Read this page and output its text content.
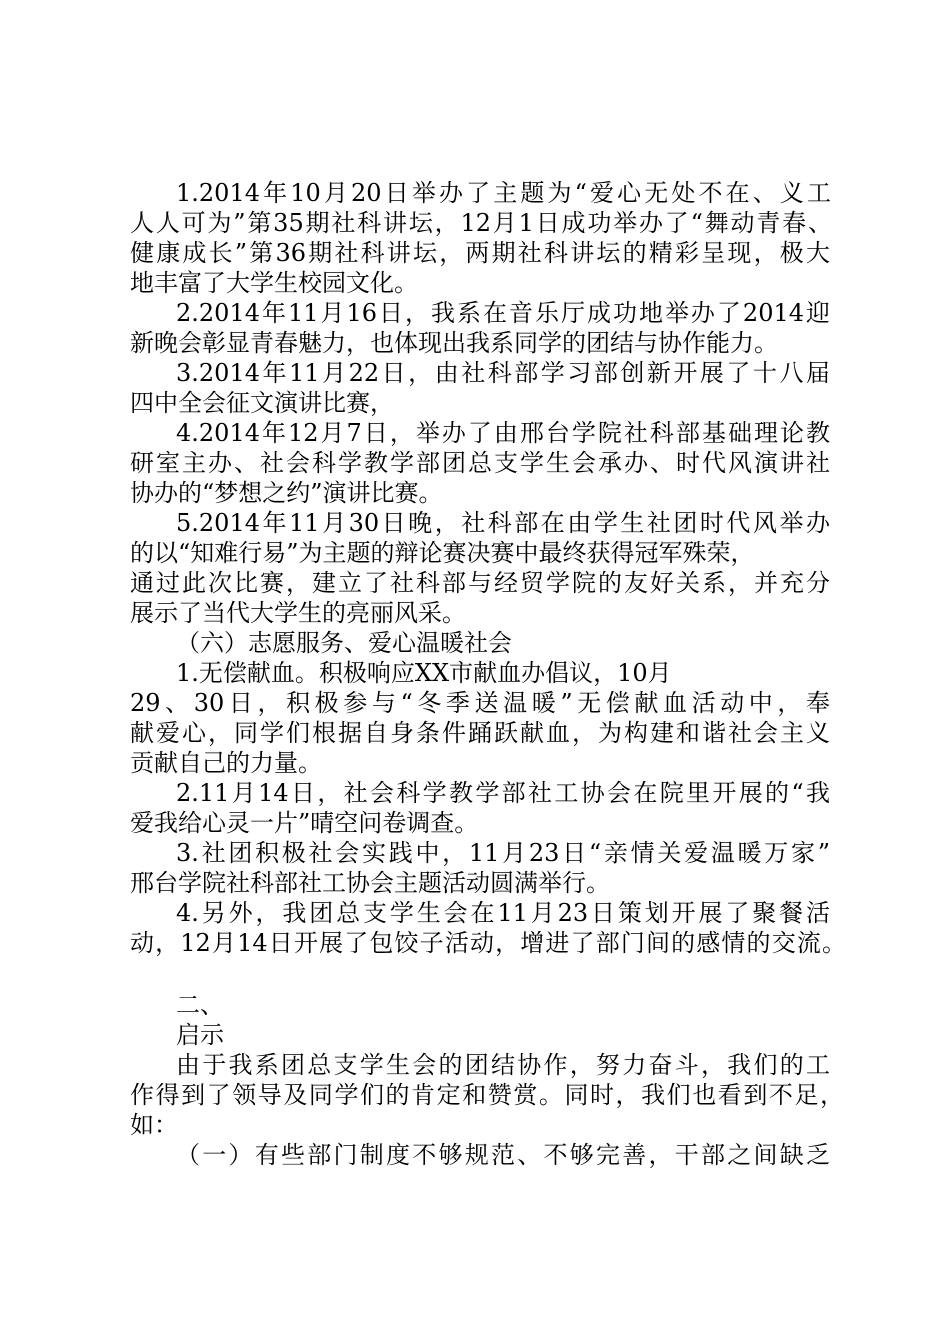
1.2014年10月20日举办了主题为“爱心无处不在、义工

人人可为”第35期社科讲坛，12月1日成功举办了“舞动青春、

健康成长”第36期社科讲坛，两期社科讲坛的精彩呈现，极大

地丰富了大学生校园文化。

2.2014年11月16日，我系在音乐厅成功地举办了2014迎

新晚会彰显青春魅力，也体现出我系同学的团结与协作能力。

3.2014年11月22日，由社科部学习部创新开展了十八届

四中全会征文演讲比赛，

4.2014年12月7日，举办了由邢台学院社科部基础理论教

研室主办、社会科学教学部团总支学生会承办、时代风演讲社

协办的“梦想之约”演讲比赛。

5.2014年11月30日晚，社科部在由学生社团时代风举办

的以“知难行易”为主题的辩论赛决赛中最终获得冠军殊荣，

通过此次比赛，建立了社科部与经贸学院的友好关系，并充分

展示了当代大学生的亮丽风采。

（六）志愿服务、爱心温暖社会

1.无偿献血。积极响应XX市献血办倡议，10月

29、30日，积极参与“冬季送温暖”无偿献血活动中，奉

献爱心，同学们根据自身条件踊跃献血，为构建和谐社会主义

贡献自己的力量。

2.11月14日，社会科学教学部社工协会在院里开展的“我

爱我给心灵一片”晴空问卷调查。

3.社团积极社会实践中，11月23日“亲情关爱温暖万家”

邢台学院社科部社工协会主题活动圆满举行。

4.另外，我团总支学生会在11月23日策划开展了聚餐活

动，12月14日开展了包饺子活动，增进了部门间的感情的交流。

二、

启示

由于我系团总支学生会的团结协作，努力奋斗，我们的工

作得到了领导及同学们的肯定和赞赏。同时，我们也看到不足，

如：

（一）有些部门制度不够规范、不够完善，干部之间缺乏
